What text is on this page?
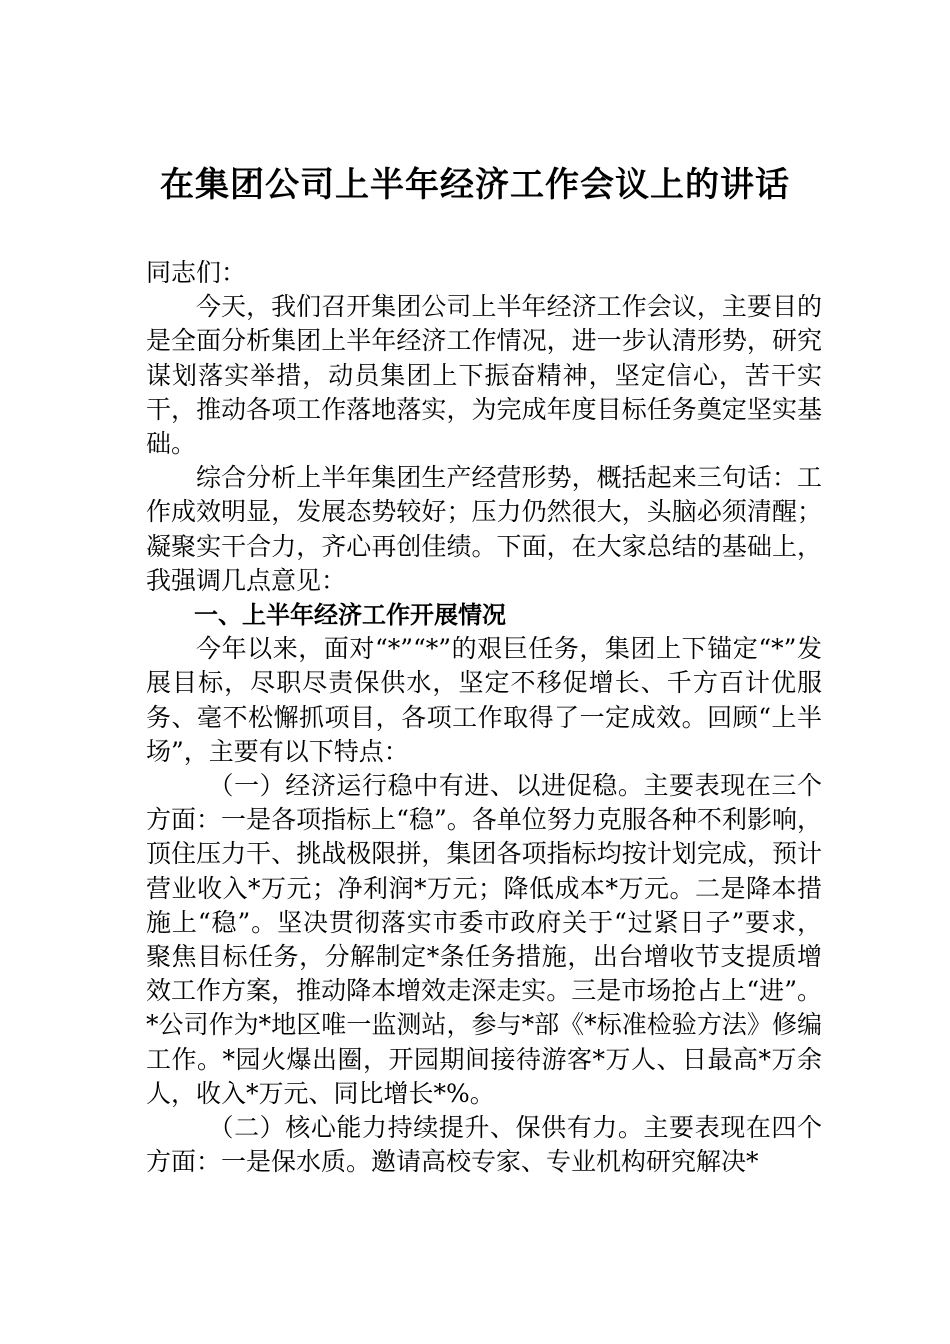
在集团公司上半年经济工作会议上的讲话

同志们：

今天，我们召开集团公司上半年经济工作会议，主要目的是全面分析集团上半年经济工作情况，进一步认清形势，研究谋划落实举措，动员集团上下振奋精神，坚定信心，苦干实干，推动各项工作落地落实，为完成年度目标任务奠定坚实基础。

综合分析上半年集团生产经营形势，概括起来三句话：工作成效明显，发展态势较好；压力仍然很大，头脑必须清醒；凝聚实干合力，齐心再创佳绩。下面，在大家总结的基础上，我强调几点意见：

一、上半年经济工作开展情况

今年以来，面对“*”“*”的艰巨任务，集团上下锚定“*”发展目标，尽职尽责保供水，坚定不移促增长、千方百计优服务、毫不松懈抓项目，各项工作取得了一定成效。回顾“上半场”，主要有以下特点：

（一）经济运行稳中有进、以进促稳。主要表现在三个方面：一是各项指标上“稳”。各单位努力克服各种不利影响，顶住压力干、挑战极限拼，集团各项指标均按计划完成，预计营业收入*万元；净利润*万元；降低成本*万元。二是降本措施上“稳”。坚决贯彻落实市委市政府关于“过紧日子”要求，聚焦目标任务，分解制定*条任务措施，出台增收节支提质增效工作方案，推动降本增效走深走实。三是市场抢占上“进”。*公司作为*地区唯一监测站，参与*部《*标准检验方法》修编工作。*园火爆出圈，开园期间接待游客*万人、日最高*万余人，收入*万元、同比增长*%。

（二）核心能力持续提升、保供有力。主要表现在四个方面：一是保水质。邀请高校专家、专业机构研究解决*
